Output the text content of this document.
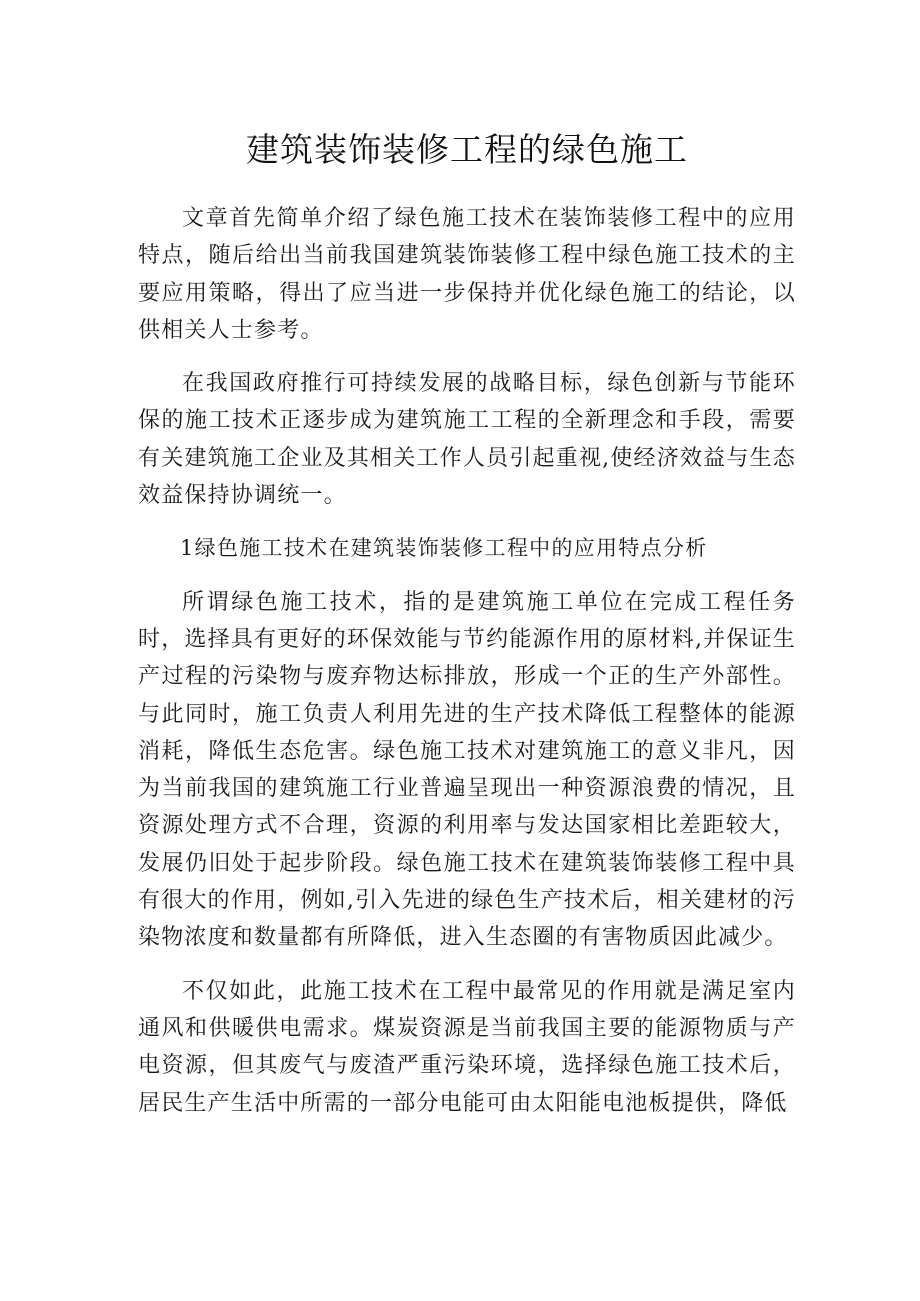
建筑装饰装修工程的绿色施工

文章首先简单介绍了绿色施工技术在装饰装修工程中的应用特点，随后给出当前我国建筑装饰装修工程中绿色施工技术的主要应用策略，得出了应当进一步保持并优化绿色施工的结论，以供相关人士参考。

在我国政府推行可持续发展的战略目标，绿色创新与节能环保的施工技术正逐步成为建筑施工工程的全新理念和手段，需要有关建筑施工企业及其相关工作人员引起重视,使经济效益与生态效益保持协调统一。

1绿色施工技术在建筑装饰装修工程中的应用特点分析

所谓绿色施工技术，指的是建筑施工单位在完成工程任务时，选择具有更好的环保效能与节约能源作用的原材料,并保证生产过程的污染物与废弃物达标排放，形成一个正的生产外部性。与此同时，施工负责人利用先进的生产技术降低工程整体的能源消耗，降低生态危害。绿色施工技术对建筑施工的意义非凡，因为当前我国的建筑施工行业普遍呈现出一种资源浪费的情况，且资源处理方式不合理，资源的利用率与发达国家相比差距较大，发展仍旧处于起步阶段。绿色施工技术在建筑装饰装修工程中具有很大的作用，例如,引入先进的绿色生产技术后，相关建材的污染物浓度和数量都有所降低，进入生态圈的有害物质因此减少。

不仅如此，此施工技术在工程中最常见的作用就是满足室内通风和供暖供电需求。煤炭资源是当前我国主要的能源物质与产电资源，但其废气与废渣严重污染环境，选择绿色施工技术后，居民生产生活中所需的一部分电能可由太阳能电池板提供，降低
